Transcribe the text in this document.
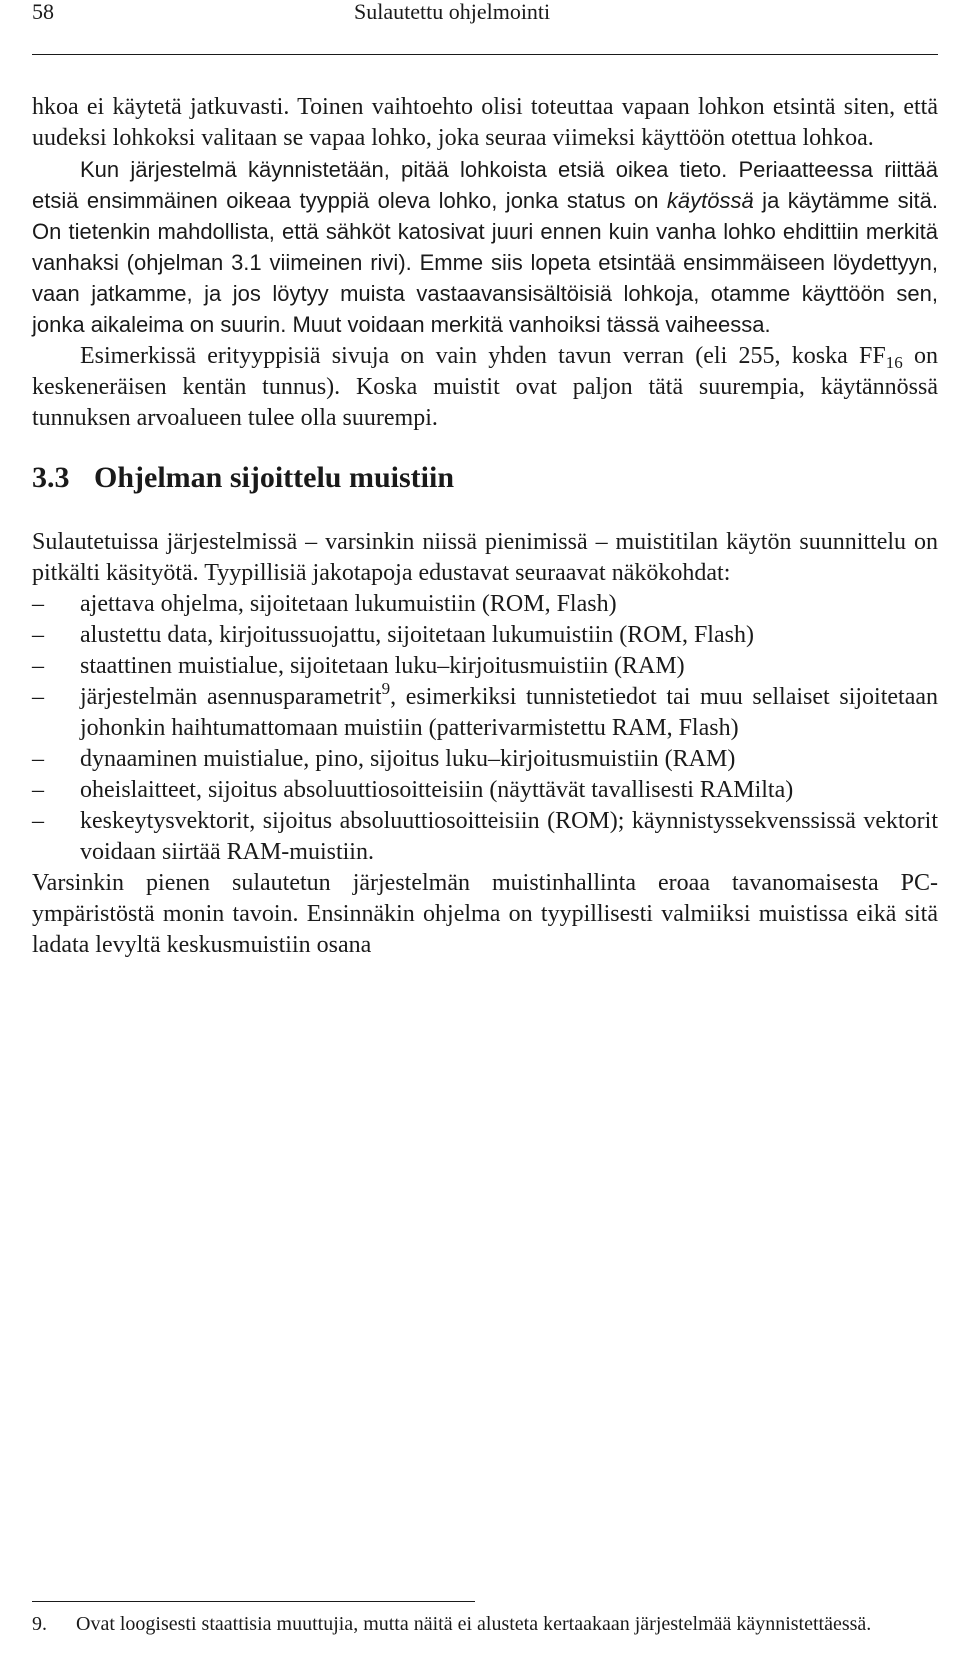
58	Sulautettu ohjelmointi

hkoa ei käytetä jatkuvasti. Toinen vaihtoehto olisi toteuttaa vapaan lohkon etsintä siten, että uudeksi lohkoksi valitaan se vapaa lohko, joka seuraa viimeksi käyttöön otettua lohkoa.

Kun järjestelmä käynnistetään, pitää lohkoista etsiä oikea tieto. Periaatteessa riittää etsiä ensimmäinen oikeaa tyyppiä oleva lohko, jonka status on käytössä ja käytämme sitä. On tietenkin mahdollista, että sähköt katosivat juuri ennen kuin vanha lohko ehdittiin merkitä vanhaksi (ohjelman 3.1 viimeinen rivi). Emme siis lopeta etsintää ensimmäiseen löydettyyn, vaan jatkamme, ja jos löytyy muista vastaavansisältöisiä lohkoja, otamme käyttöön sen, jonka aikaleima on suurin. Muut voidaan merkitä vanhoiksi tässä vaiheessa.

Esimerkissä erityyppisiä sivuja on vain yhden tavun verran (eli 255, koska $FF_{16}$ on keskeneräisen kentän tunnus). Koska muistit ovat paljon tätä suurempia, käytännössä tunnuksen arvoalueen tulee olla suurempi.

3.3 Ohjelman sijoittelu muistiin

Sulautetuissa järjestelmissä – varsinkin niissä pienimissä – muistitilan käytön suunnittelu on pitkälti käsityötä. Tyypillisiä jakotapoja edustavat seuraavat näkökohdat:

– ajettava ohjelma, sijoitetaan lukumuistiin (ROM, Flash)
– alustettu data, kirjoitussuojattu, sijoitetaan lukumuistiin (ROM, Flash)
– staattinen muistialue, sijoitetaan luku–kirjoitusmuistiin (RAM)
– järjestelmän asennusparametrit$^9$, esimerkiksi tunnistetiedot tai muu sellaiset sijoitetaan johonkin haihtumattomaan muistiin (patterivarmistettu RAM, Flash)
– dynaaminen muistialue, pino, sijoitus luku–kirjoitusmuistiin (RAM)
– oheislaitteet, sijoitus absoluuttiosoitteisiin (näyttävät tavallisesti RAMilta)
– keskeytysvektorit, sijoitus absoluuttiosoitteisiin (ROM); käynnistyssekvenssissä vektorit voidaan siirtää RAM-muistiin.

Varsinkin pienen sulautetun järjestelmän muistinhallinta eroaa tavanomaisesta PC-ympäristöstä monin tavoin. Ensinnäkin ohjelma on tyypillisesti valmiiksi muistissa eikä sitä ladata levyltä keskusmuistiin osana

9. Ovat loogisesti staattisia muuttujia, mutta näitä ei alusteta kertaakaan järjestelmää käynnistettäessä.
